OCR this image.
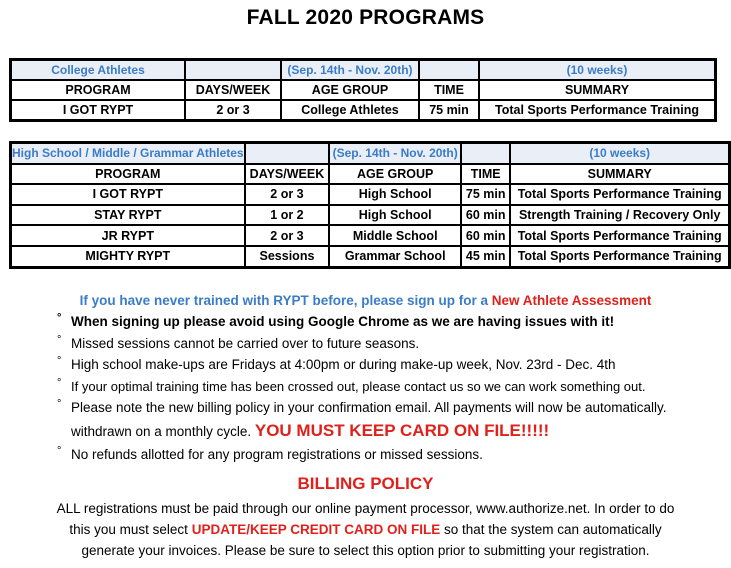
FALL 2020 PROGRAMS
College Athletes		(Sep. 14th - Nov. 20th)		(10 weeks)
PROGRAM	DAYS/WEEK	AGE GROUP	TIME	SUMMARY
I GOT RYPT	2 or 3	College Athletes	75 min	Total Sports Performance Training
High School / Middle / Grammar Athletes		(Sep. 14th - Nov. 20th)		(10 weeks)
PROGRAM	DAYS/WEEK	AGE GROUP	TIME	SUMMARY
I GOT RYPT	2 or 3	High School	75 min	Total Sports Performance Training
STAY RYPT	1 or 2	High School	60 min	Strength Training / Recovery Only
JR RYPT	2 or 3	Middle School	60 min	Total Sports Performance Training
MIGHTY RYPT	Sessions	Grammar School	45 min	Total Sports Performance Training
If you have never trained with RYPT before, please sign up for a New Athlete Assessment
° When signing up please avoid using Google Chrome as we are having issues with it!
° Missed sessions cannot be carried over to future seasons.
° High school make-ups are Fridays at 4:00pm or during make-up week, Nov. 23rd - Dec. 4th
° If your optimal training time has been crossed out, please contact us so we can work something out.
° Please note the new billing policy in your confirmation email. All payments will now be automatically.
withdrawn on a monthly cycle. YOU MUST KEEP CARD ON FILE!!!!!
° No refunds allotted for any program registrations or missed sessions.
BILLING POLICY
ALL registrations must be paid through our online payment processor, www.authorize.net. In order to do
this you must select UPDATE/KEEP CREDIT CARD ON FILE so that the system can automatically
generate your invoices. Please be sure to select this option prior to submitting your registration.
